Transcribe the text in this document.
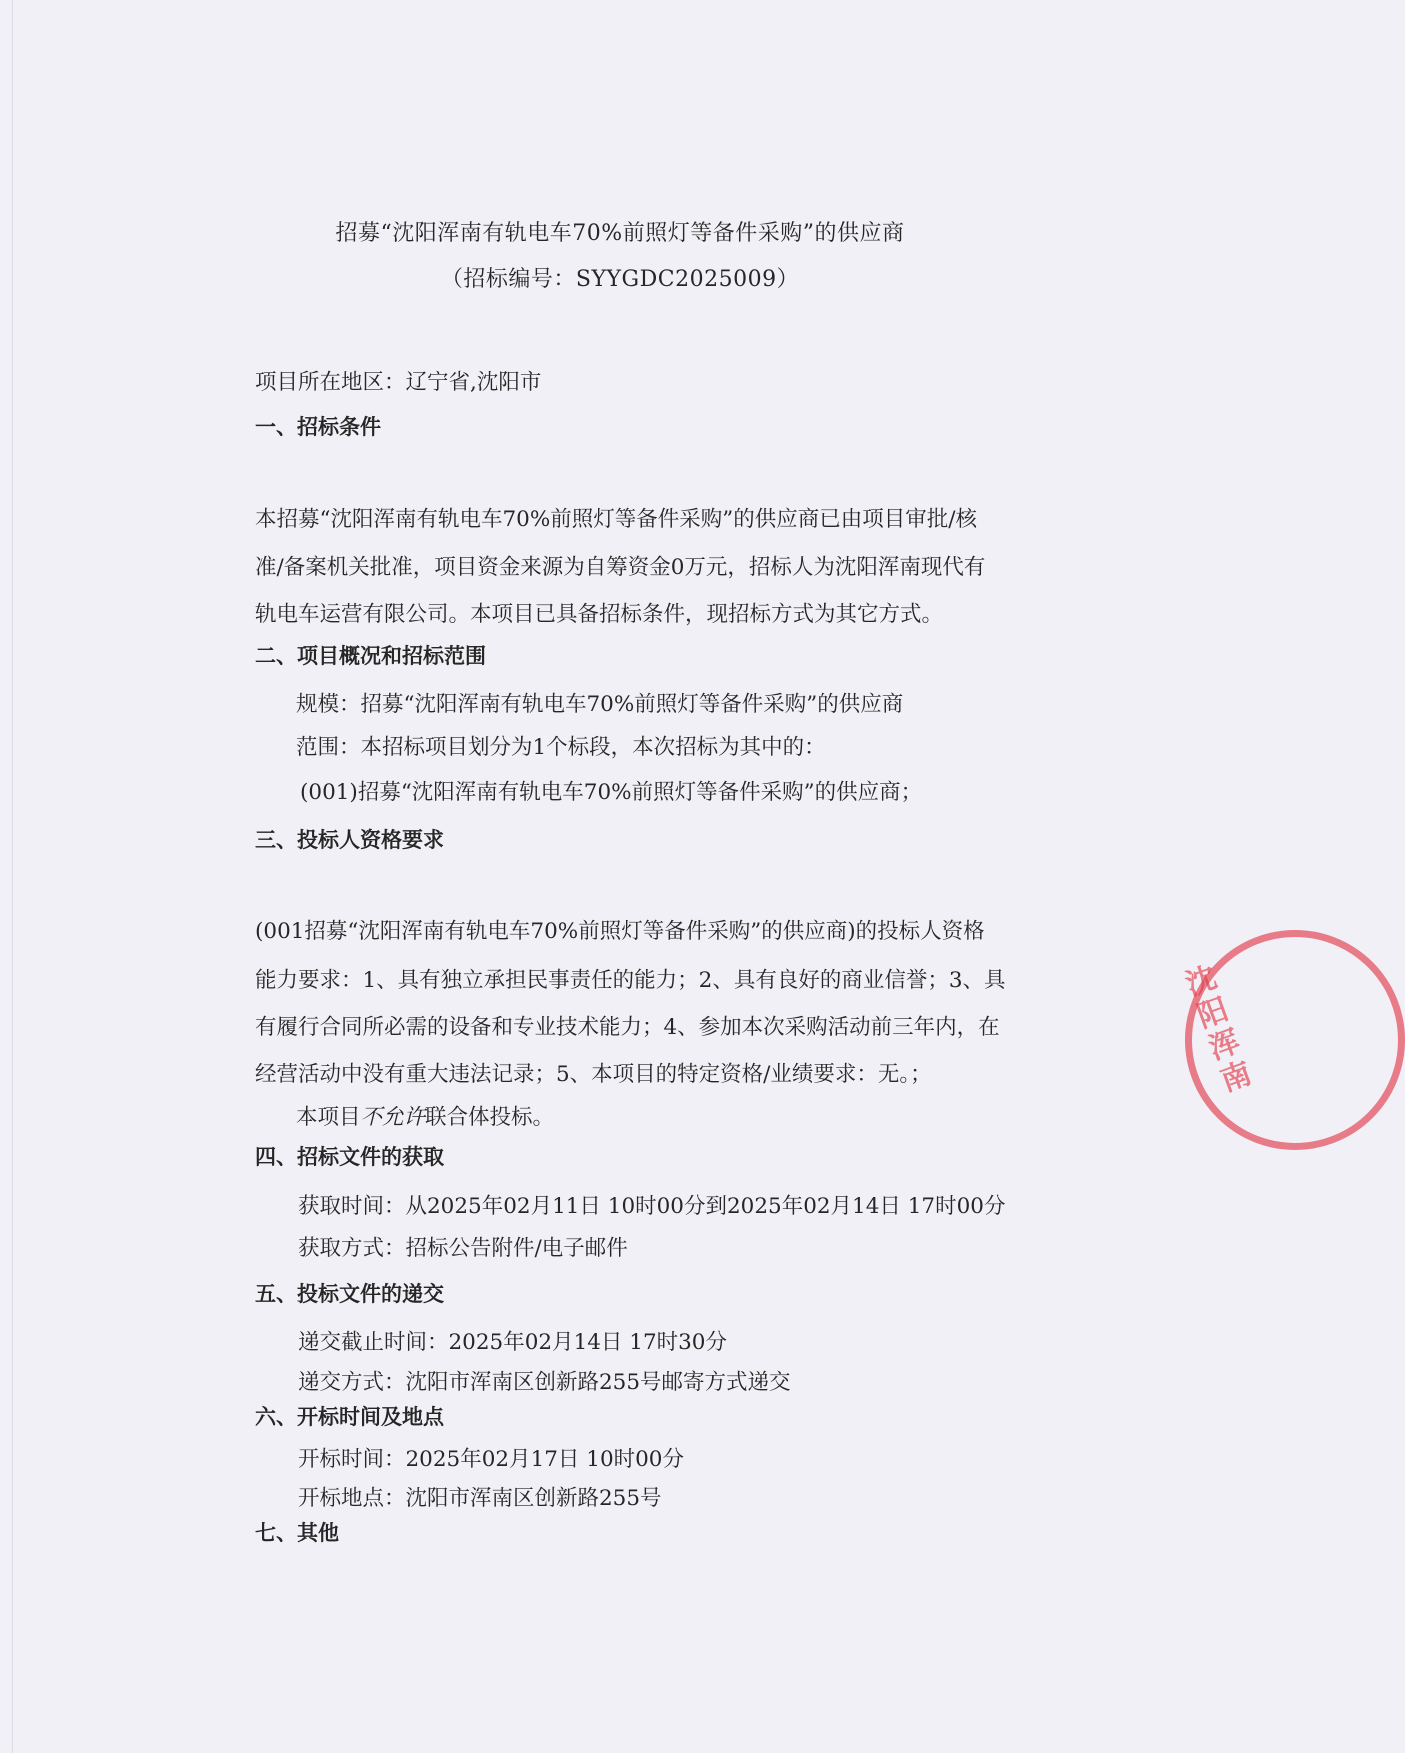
招募“沈阳浑南有轨电车70%前照灯等备件采购”的供应商
（招标编号：SYYGDC2025009）
项目所在地区：辽宁省,沈阳市
一、招标条件
本招募“沈阳浑南有轨电车70%前照灯等备件采购”的供应商已由项目审批/核
准/备案机关批准，项目资金来源为自筹资金0万元，招标人为沈阳浑南现代有
轨电车运营有限公司。本项目已具备招标条件，现招标方式为其它方式。
二、项目概况和招标范围
规模：招募“沈阳浑南有轨电车70%前照灯等备件采购”的供应商
范围：本招标项目划分为1个标段，本次招标为其中的：
(001)招募“沈阳浑南有轨电车70%前照灯等备件采购”的供应商；
三、投标人资格要求
(001招募“沈阳浑南有轨电车70%前照灯等备件采购”的供应商)的投标人资格
能力要求：1、具有独立承担民事责任的能力；2、具有良好的商业信誉；3、具
有履行合同所必需的设备和专业技术能力；4、参加本次采购活动前三年内，在
经营活动中没有重大违法记录；5、本项目的特定资格/业绩要求：无。；
本项目不允许联合体投标。
四、招标文件的获取
获取时间：从2025年02月11日 10时00分到2025年02月14日 17时00分
获取方式：招标公告附件/电子邮件
五、投标文件的递交
递交截止时间：2025年02月14日 17时30分
递交方式：沈阳市浑南区创新路255号邮寄方式递交
六、开标时间及地点
开标时间：2025年02月17日 10时00分
开标地点：沈阳市浑南区创新路255号
七、其他
沈阳浑南
